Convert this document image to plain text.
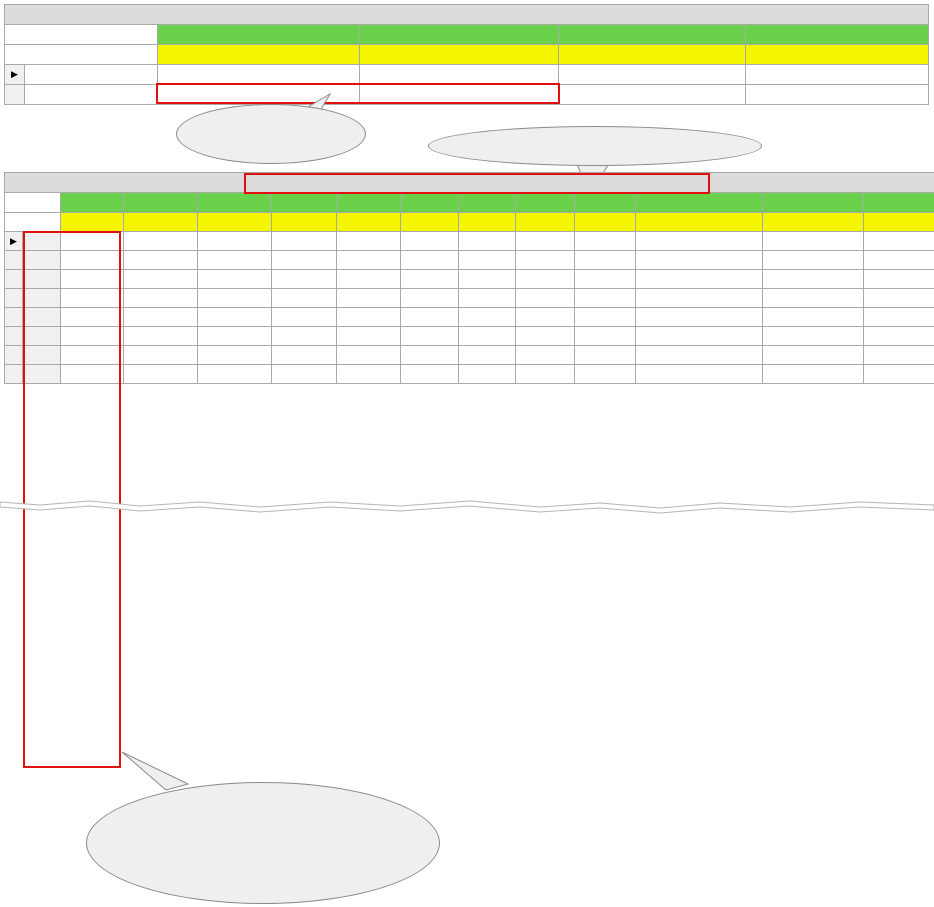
▶					

▶													
